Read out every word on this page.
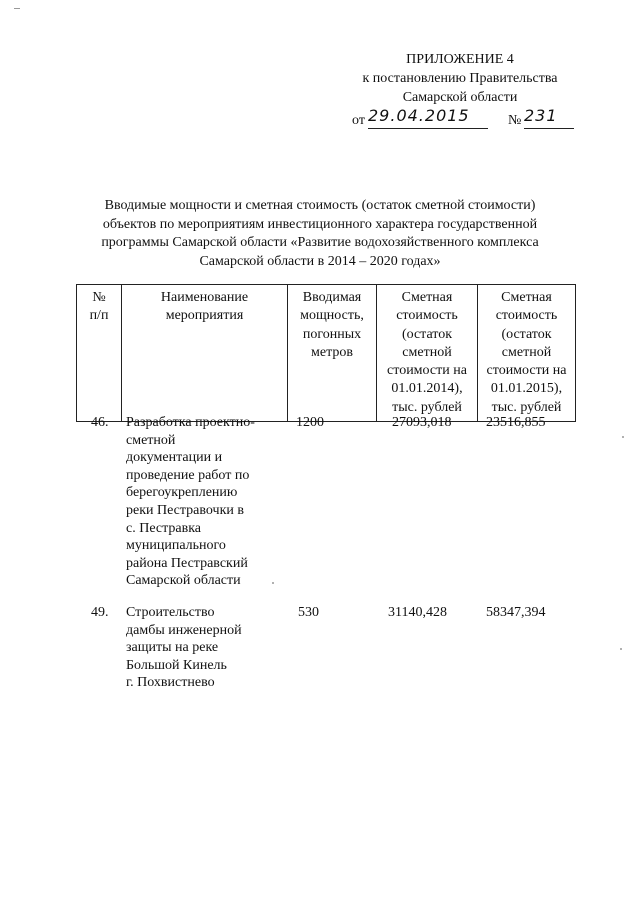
ПРИЛОЖЕНИЕ 4
к постановлению Правительства
Самарской области
от 29.04.2015	№ 231
Вводимые мощности и сметная стоимость (остаток сметной стоимости)
объектов по мероприятиям инвестиционного характера государственной
программы Самарской области «Развитие водохозяйственного комплекса
Самарской области в 2014 – 2020 годах»
№
п/п

Наименование
мероприятия

Вводимая
мощность,
погонных
метров

Сметная
стоимость
(остаток
сметной
стоимости на
01.01.2014),
тыс. рублей

Сметная
стоимость
(остаток
сметной
стоимости на
01.01.2015),
тыс. рублей
46. Разработка проектно-
сметной
документации и
проведение работ по
берегоукреплению
реки Пестравочки в
с. Пестравка
муниципального
района Пестравский
Самарской области
1200	27093,018 23516,855
49. Строительство
дамбы инженерной
защиты на реке
Большой Кинель
г. Похвистнево
530	31140,428	58347,394
